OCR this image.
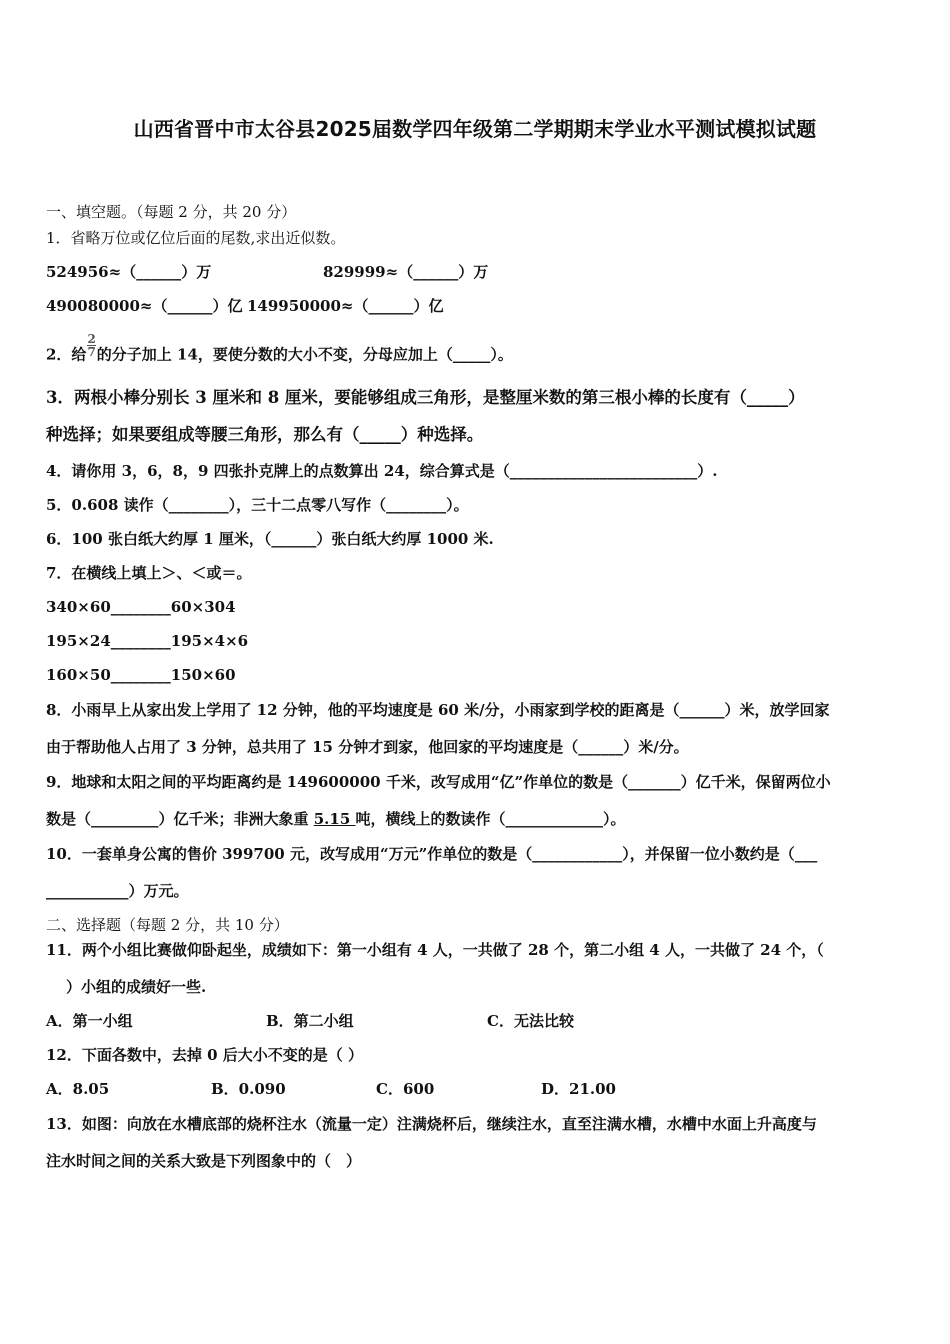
山西省晋中市太谷县2025届数学四年级第二学期期末学业水平测试模拟试题
一、填空题。（每题 2 分，共 20 分）
1．省略万位或亿位后面的尾数,求出近似数。
524956≈（______）万	829999≈（______）万
490080000≈（______）亿 149950000≈（______）亿
2．给 $\frac{2}{7}$ 的分子加上 14，要使分数的大小不变，分母应加上（_____）。
3．两根小棒分别长 3 厘米和 8 厘米，要能够组成三角形，是整厘米数的第三根小棒的长度有（_____）
种选择；如果要组成等腰三角形，那么有（_____）种选择。
4．请你用 3，6，8，9 四张扑克牌上的点数算出 24，综合算式是（_________________________）.
5．0.608 读作（________），三十二点零八写作（________）。
6．100 张白纸大约厚 1 厘米，（______）张白纸大约厚 1000 米.
7．在横线上填上＞、＜或＝。
340×60________60×304
195×24________195×4×6
160×50________150×60
8．小雨早上从家出发上学用了 12 分钟，他的平均速度是 60 米/分，小雨家到学校的距离是（______）米，放学回家
由于帮助他人占用了 3 分钟，总共用了 15 分钟才到家，他回家的平均速度是（______）米/分。
9．地球和太阳之间的平均距离约是 149600000 千米，改写成用“亿”作单位的数是（_______）亿千米，保留两位小
数是（_________）亿千米；非洲大象重 5.15 吨，横线上的数读作（_____________）。
10．一套单身公寓的售价 399700 元，改写成用“万元”作单位的数是（____________），并保留一位小数约是（___
___________）万元。
二、选择题（每题 2 分，共 10 分）
11．两个小组比赛做仰卧起坐，成绩如下：第一小组有 4 人，一共做了 28 个，第二小组 4 人，一共做了 24 个，（
）小组的成绩好一些.
A．第一小组	B．第二小组	C．无法比较
12．下面各数中，去掉 0 后大小不变的是（ ）
A．8.05	B．0.090	C．600	D．21.00
13．如图：向放在水槽底部的烧杯注水（流量一定）注满烧杯后，继续注水，直至注满水槽，水槽中水面上升高度与
注水时间之间的关系大致是下列图象中的（　）
